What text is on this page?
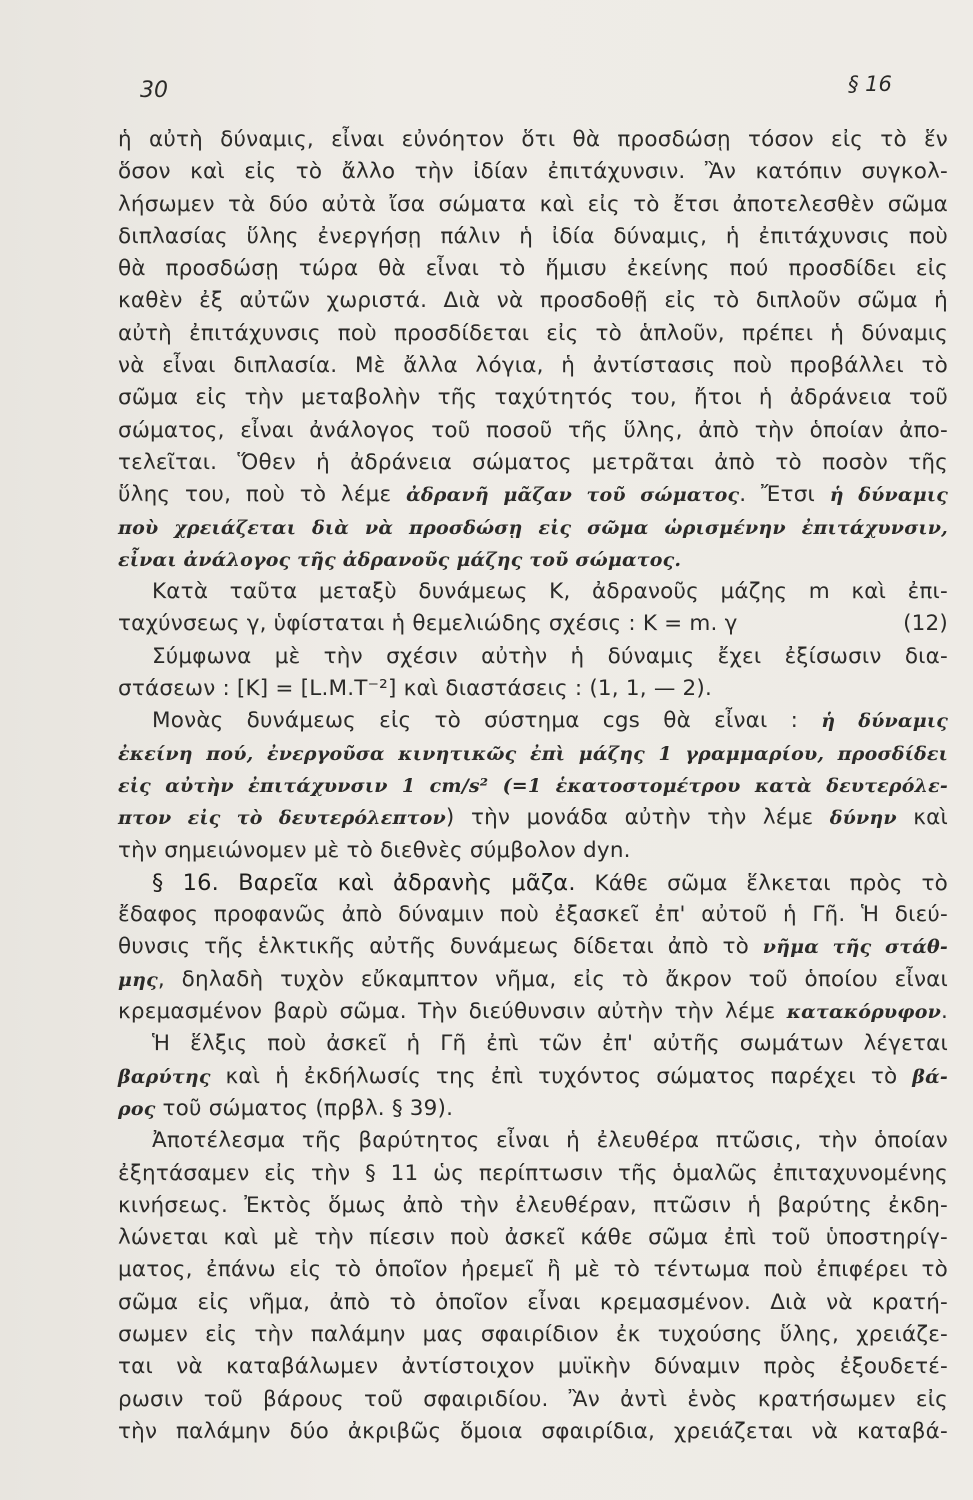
30	§ 16
ἡ αὐτὴ δύναμις, εἶναι εὐνόητον ὅτι θὰ προσδώσῃ τόσον εἰς τὸ ἕν
ὅσον καὶ εἰς τὸ ἄλλο τὴν ἰδίαν ἐπιτάχυνσιν. Ἂν κατόπιν συγκολ-
λήσωμεν τὰ δύο αὐτὰ ἴσα σώματα καὶ εἰς τὸ ἔτσι ἀποτελεσθὲν σῶμα
διπλασίας ὕλης ἐνεργήσῃ πάλιν ἡ ἰδία δύναμις, ἡ ἐπιτάχυνσις ποὺ
θὰ προσδώσῃ τώρα θὰ εἶναι τὸ ἥμισυ ἐκείνης πού προσδίδει εἰς
καθὲν ἐξ αὐτῶν χωριστά. Διὰ νὰ προσδοθῇ εἰς τὸ διπλοῦν σῶμα ἡ
αὐτὴ ἐπιτάχυνσις ποὺ προσδίδεται εἰς τὸ ἁπλοῦν, πρέπει ἡ δύναμις
νὰ εἶναι διπλασία. Μὲ ἄλλα λόγια, ἡ ἀντίστασις ποὺ προβάλλει τὸ
σῶμα εἰς τὴν μεταβολὴν τῆς ταχύτητός του, ἤτοι ἡ ἀδράνεια τοῦ
σώματος, εἶναι ἀνάλογος τοῦ ποσοῦ τῆς ὕλης, ἀπὸ τὴν ὁποίαν ἀπο-
τελεῖται. Ὅθεν ἡ ἀδράνεια σώματος μετρᾶται ἀπὸ τὸ ποσὸν τῆς
ὕλης του, ποὺ τὸ λέμε ἀδρανῆ μᾶζαν τοῦ σώματος. Ἔτσι ἡ δύναμις
ποὺ χρειάζεται διὰ νὰ προσδώσῃ εἰς σῶμα ὡρισμένην ἐπιτάχυνσιν,
εἶναι ἀνάλογος τῆς ἀδρανοῦς μάζης τοῦ σώματος.
Κατὰ ταῦτα μεταξὺ δυνάμεως Κ, ἀδρανοῦς μάζης m καὶ ἐπι-
ταχύνσεως γ, ὑφίσταται ἡ θεμελιώδης σχέσις : Κ = m. γ	(12)
Σύμφωνα μὲ τὴν σχέσιν αὐτὴν ἡ δύναμις ἔχει ἐξίσωσιν δια-
στάσεων : [Κ] = [L.M.T⁻²] καὶ διαστάσεις : (1, 1, — 2).
Μονὰς δυνάμεως εἰς τὸ σύστημα cgs θὰ εἶναι : ἡ δύναμις
ἐκείνη πού, ἐνεργοῦσα κινητικῶς ἐπὶ μάζης 1 γραμμαρίου, προσδίδει
εἰς αὐτὴν ἐπιτάχυνσιν 1 cm/s² (=1 ἑκατοστομέτρου κατὰ δευτερόλε-
πτον εἰς τὸ δευτερόλεπτον) τὴν μονάδα αὐτὴν τὴν λέμε δύνην καὶ
τὴν σημειώνομεν μὲ τὸ διεθνὲς σύμβολον dyn.
§ 16. Βαρεῖα καὶ ἀδρανὴς μᾶζα. Κάθε σῶμα ἕλκεται πρὸς τὸ
ἔδαφος προφανῶς ἀπὸ δύναμιν ποὺ ἐξασκεῖ ἐπ' αὐτοῦ ἡ Γῆ. Ἡ διεύ-
θυνσις τῆς ἑλκτικῆς αὐτῆς δυνάμεως δίδεται ἀπὸ τὸ νῆμα τῆς στάθ-
μης, δηλαδὴ τυχὸν εὔκαμπτον νῆμα, εἰς τὸ ἄκρον τοῦ ὁποίου εἶναι
κρεμασμένον βαρὺ σῶμα. Τὴν διεύθυνσιν αὐτὴν τὴν λέμε κατακόρυφον.
Ἡ ἕλξις ποὺ ἀσκεῖ ἡ Γῆ ἐπὶ τῶν ἐπ' αὐτῆς σωμάτων λέγεται
βαρύτης καὶ ἡ ἐκδήλωσίς της ἐπὶ τυχόντος σώματος παρέχει τὸ βά-
ρος τοῦ σώματος (πρβλ. § 39).
Ἀποτέλεσμα τῆς βαρύτητος εἶναι ἡ ἐλευθέρα πτῶσις, τὴν ὁποίαν
ἐξητάσαμεν εἰς τὴν § 11 ὡς περίπτωσιν τῆς ὁμαλῶς ἐπιταχυνομένης
κινήσεως. Ἐκτὸς ὅμως ἀπὸ τὴν ἐλευθέραν, πτῶσιν ἡ βαρύτης ἐκδη-
λώνεται καὶ μὲ τὴν πίεσιν ποὺ ἀσκεῖ κάθε σῶμα ἐπὶ τοῦ ὑποστηρίγ-
ματος, ἐπάνω εἰς τὸ ὁποῖον ἠρεμεῖ ἢ μὲ τὸ τέντωμα ποὺ ἐπιφέρει τὸ
σῶμα εἰς νῆμα, ἀπὸ τὸ ὁποῖον εἶναι κρεμασμένον. Διὰ νὰ κρατή-
σωμεν εἰς τὴν παλάμην μας σφαιρίδιον ἐκ τυχούσης ὕλης, χρειάζε-
ται νὰ καταβάλωμεν ἀντίστοιχον μυϊκὴν δύναμιν πρὸς ἐξουδετέ-
ρωσιν τοῦ βάρους τοῦ σφαιριδίου. Ἂν ἀντὶ ἑνὸς κρατήσωμεν εἰς
τὴν παλάμην δύο ἀκριβῶς ὅμοια σφαιρίδια, χρειάζεται νὰ καταβά-
